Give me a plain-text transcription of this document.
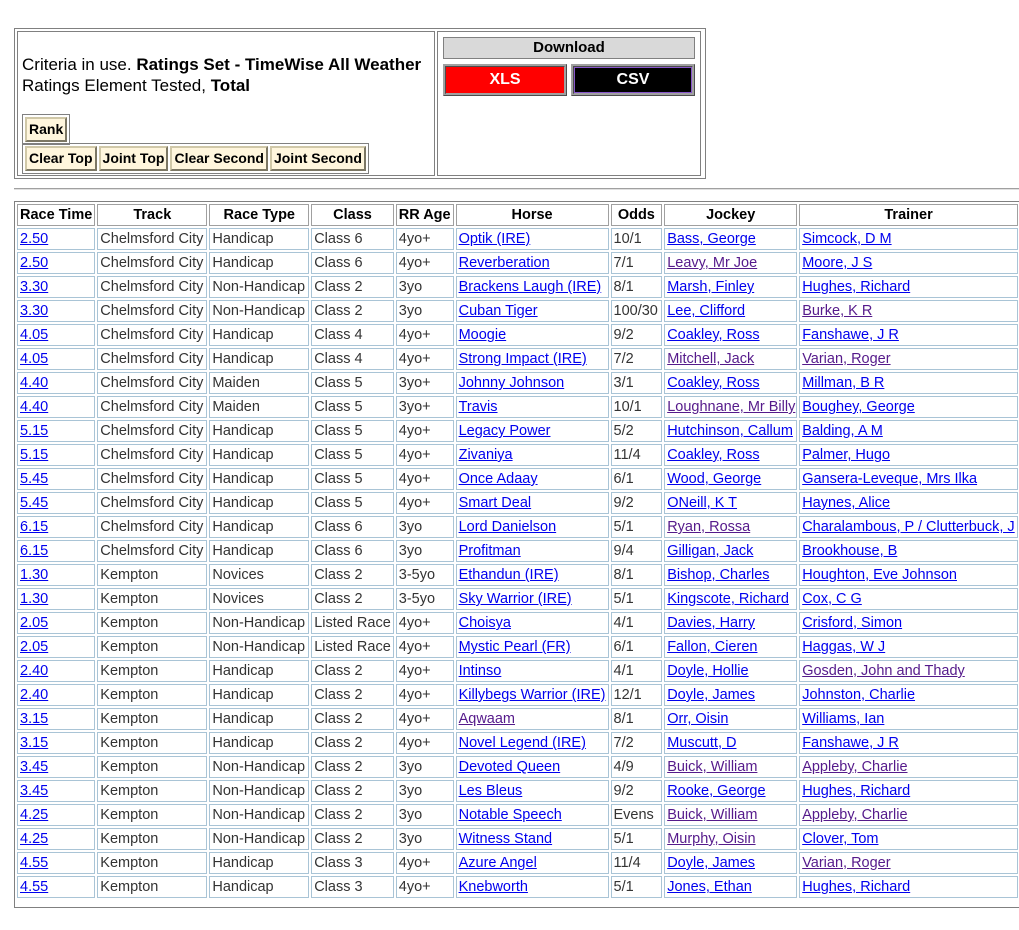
Criteria in use. Ratings Set - TimeWise All Weather
Ratings Element Tested, Total
Rank
Clear Top Joint Top Clear Second Joint Second
Download
XLS	CSV
Race Time	Track	Race Type	Class	RR Age	Horse	Odds	Jockey	Trainer	
2.50	Chelmsford City	Handicap	Class 6	4yo+	Optik (IRE)	10/1	Bass, George	Simcock, D M	
2.50	Chelmsford City	Handicap	Class 6	4yo+	Reverberation	7/1	Leavy, Mr Joe	Moore, J S	
3.30	Chelmsford City	Non-Handicap	Class 2	3yo	Brackens Laugh (IRE)	8/1	Marsh, Finley	Hughes, Richard	
3.30	Chelmsford City	Non-Handicap	Class 2	3yo	Cuban Tiger	100/30	Lee, Clifford	Burke, K R	
4.05	Chelmsford City	Handicap	Class 4	4yo+	Moogie	9/2	Coakley, Ross	Fanshawe, J R	
4.05	Chelmsford City	Handicap	Class 4	4yo+	Strong Impact (IRE)	7/2	Mitchell, Jack	Varian, Roger	
4.40	Chelmsford City	Maiden	Class 5	3yo+	Johnny Johnson	3/1	Coakley, Ross	Millman, B R	
4.40	Chelmsford City	Maiden	Class 5	3yo+	Travis	10/1	Loughnane, Mr Billy	Boughey, George	
5.15	Chelmsford City	Handicap	Class 5	4yo+	Legacy Power	5/2	Hutchinson, Callum	Balding, A M	
5.15	Chelmsford City	Handicap	Class 5	4yo+	Zivaniya	11/4	Coakley, Ross	Palmer, Hugo	
5.45	Chelmsford City	Handicap	Class 5	4yo+	Once Adaay	6/1	Wood, George	Gansera-Leveque, Mrs Ilka	
5.45	Chelmsford City	Handicap	Class 5	4yo+	Smart Deal	9/2	ONeill, K T	Haynes, Alice	
6.15	Chelmsford City	Handicap	Class 6	3yo	Lord Danielson	5/1	Ryan, Rossa	Charalambous, P / Clutterbuck, J	
6.15	Chelmsford City	Handicap	Class 6	3yo	Profitman	9/4	Gilligan, Jack	Brookhouse, B	
1.30	Kempton	Novices	Class 2	3-5yo	Ethandun (IRE)	8/1	Bishop, Charles	Houghton, Eve Johnson	
1.30	Kempton	Novices	Class 2	3-5yo	Sky Warrior (IRE)	5/1	Kingscote, Richard	Cox, C G	
2.05	Kempton	Non-Handicap	Listed Race	4yo+	Choisya	4/1	Davies, Harry	Crisford, Simon	
2.05	Kempton	Non-Handicap	Listed Race	4yo+	Mystic Pearl (FR)	6/1	Fallon, Cieren	Haggas, W J	
2.40	Kempton	Handicap	Class 2	4yo+	Intinso	4/1	Doyle, Hollie	Gosden, John and Thady	
2.40	Kempton	Handicap	Class 2	4yo+	Killybegs Warrior (IRE)	12/1	Doyle, James	Johnston, Charlie	
3.15	Kempton	Handicap	Class 2	4yo+	Aqwaam	8/1	Orr, Oisin	Williams, Ian	
3.15	Kempton	Handicap	Class 2	4yo+	Novel Legend (IRE)	7/2	Muscutt, D	Fanshawe, J R	
3.45	Kempton	Non-Handicap	Class 2	3yo	Devoted Queen	4/9	Buick, William	Appleby, Charlie	
3.45	Kempton	Non-Handicap	Class 2	3yo	Les Bleus	9/2	Rooke, George	Hughes, Richard	
4.25	Kempton	Non-Handicap	Class 2	3yo	Notable Speech	Evens	Buick, William	Appleby, Charlie	
4.25	Kempton	Non-Handicap	Class 2	3yo	Witness Stand	5/1	Murphy, Oisin	Clover, Tom	
4.55	Kempton	Handicap	Class 3	4yo+	Azure Angel	11/4	Doyle, James	Varian, Roger	
4.55	Kempton	Handicap	Class 3	4yo+	Knebworth	5/1	Jones, Ethan	Hughes, Richard	
